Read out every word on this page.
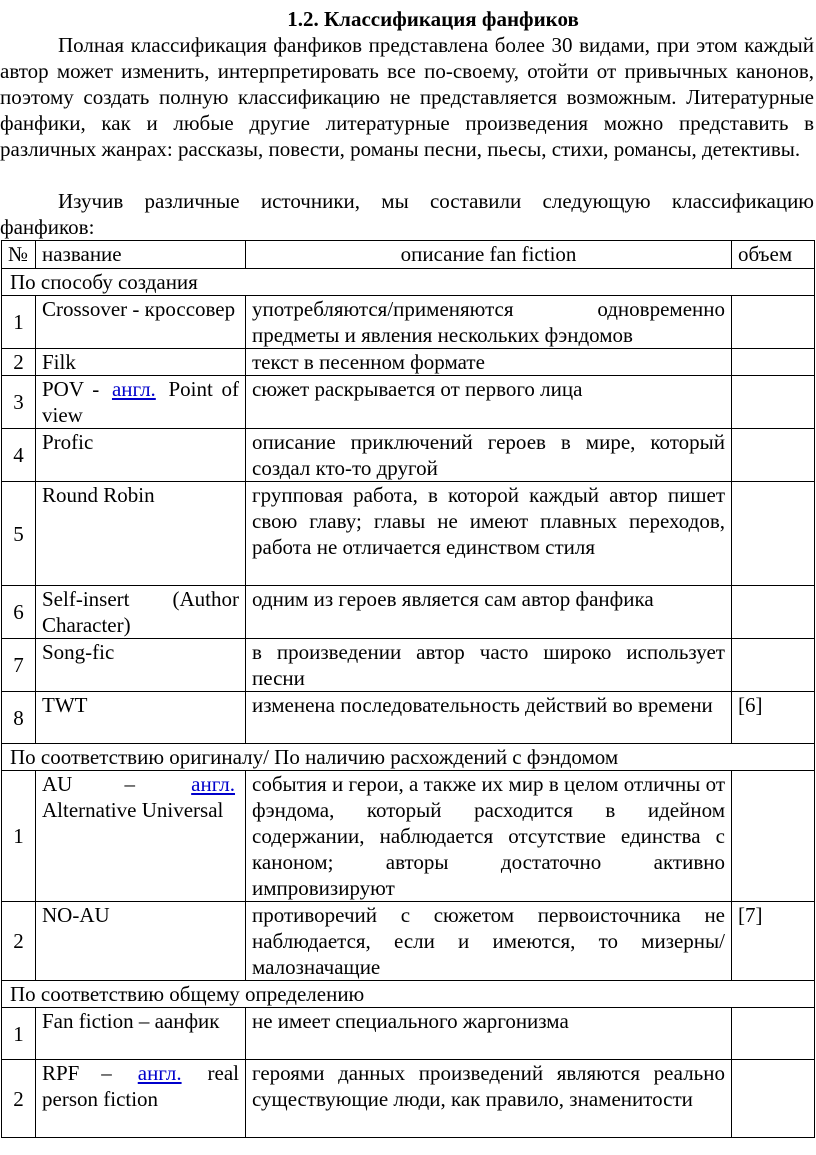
1.2. Классификация фанфиков

Полная классификация фанфиков представлена более 30 видами, при этом каждый автор может изменить, интерпретировать все по-своему, отойти от привычных канонов, поэтому создать полную классификацию не представляется возможным. Литературные фанфики, как и любые другие литературные произведения можно представить в различных жанрах: рассказы, повести, романы песни, пьесы, стихи, романсы, детективы.

Изучив различные источники, мы составили следующую классификацию фанфиков:

№	название	описание fan fiction	объем
По способу создания			
1	Crossover - кроссовер	употребляются/применяются одновременно предметы и явления нескольких фэндомов	
2	Filk	текст в песенном формате	
3	POV - англ. Point of view	сюжет раскрывается от первого лица	
4	Profic	описание приключений героев в мире, который создал кто-то другой	
5	Round Robin	групповая работа, в которой каждый автор пишет свою главу; главы не имеют плавных переходов, работа не отличается единством стиля	
6	Self-insert (Author Character)	одним из героев является сам автор фанфика	
7	Song-fic	в произведении автор часто широко использует песни	
8	TWT	изменена последовательность действий во времени	[6]
По соответствию оригиналу/ По наличию расхождений с фэндомом			
1	AU – англ. Alternative Universal	события и герои, а также их мир в целом отличны от фэндома, который расходится в идейном содержании, наблюдается отсутствие единства с каноном; авторы достаточно активно импровизируют	
2	NO-AU	противоречий с сюжетом первоисточника не наблюдается, если и имеются, то мизерны/малозначащие	[7]
По соответствию общему определению			
1	Fan fiction – аанфик	не имеет специального жаргонизма	
2	RPF – англ. real person fiction	героями данных произведений являются реально существующие люди, как правило, знаменитости	
